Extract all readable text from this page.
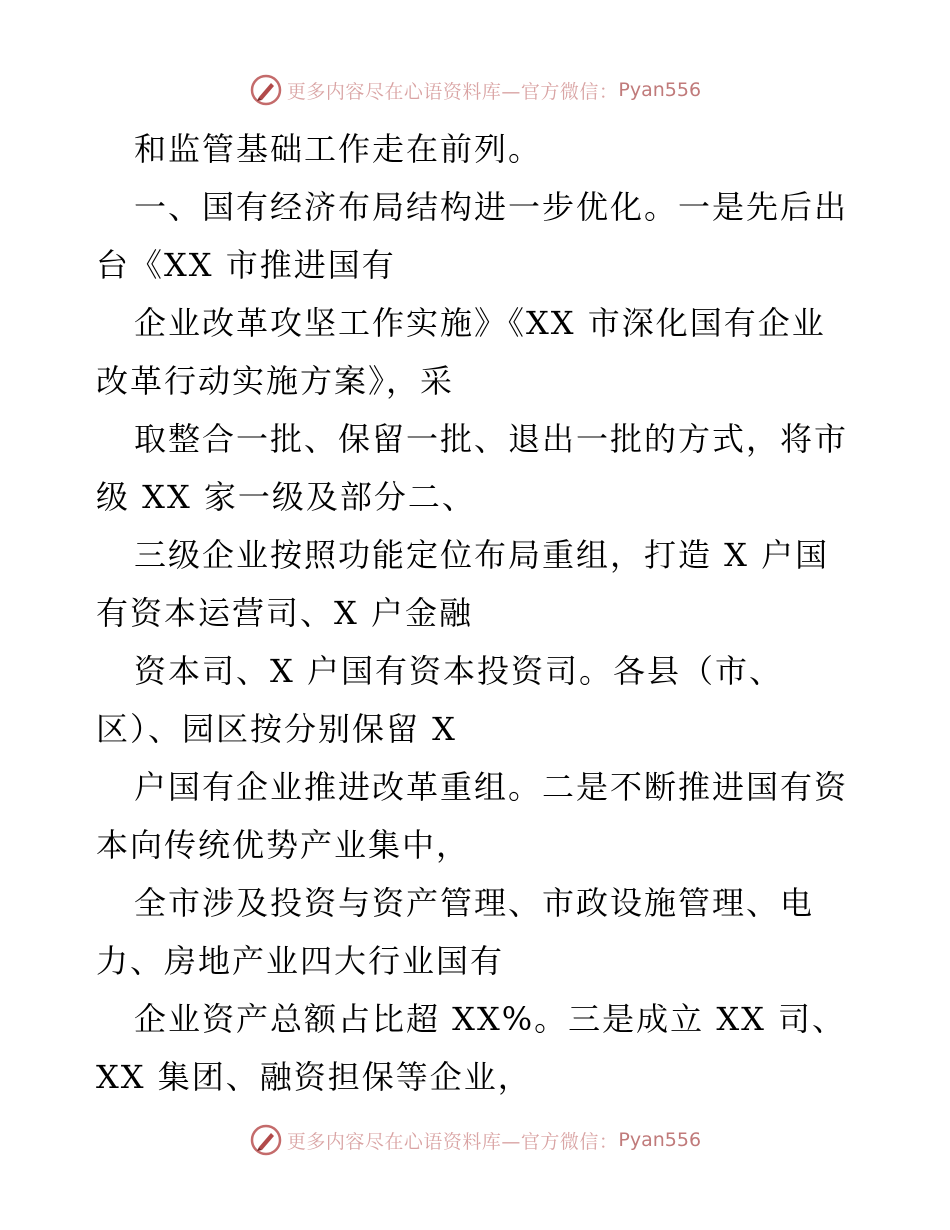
更多内容尽在心语资料库—官方微信： Pyan556
和监管基础工作走在前列。
一、国有经济布局结构进一步优化。一是先后出
台《XX 市推进国有
企业改革攻坚工作实施》《XX 市深化国有企业
改革行动实施方案》，采
取整合一批、保留一批、退出一批的方式，将市
级 XX 家一级及部分二、
三级企业按照功能定位布局重组，打造 X 户国
有资本运营司、X 户金融
资本司、X 户国有资本投资司。各县（市、
区）、园区按分别保留 X
户国有企业推进改革重组。二是不断推进国有资
本向传统优势产业集中，
全市涉及投资与资产管理、市政设施管理、电
力、房地产业四大行业国有
企业资产总额占比超 XX%。三是成立 XX 司、
XX 集团、融资担保等企业，
更多内容尽在心语资料库—官方微信： Pyan556
